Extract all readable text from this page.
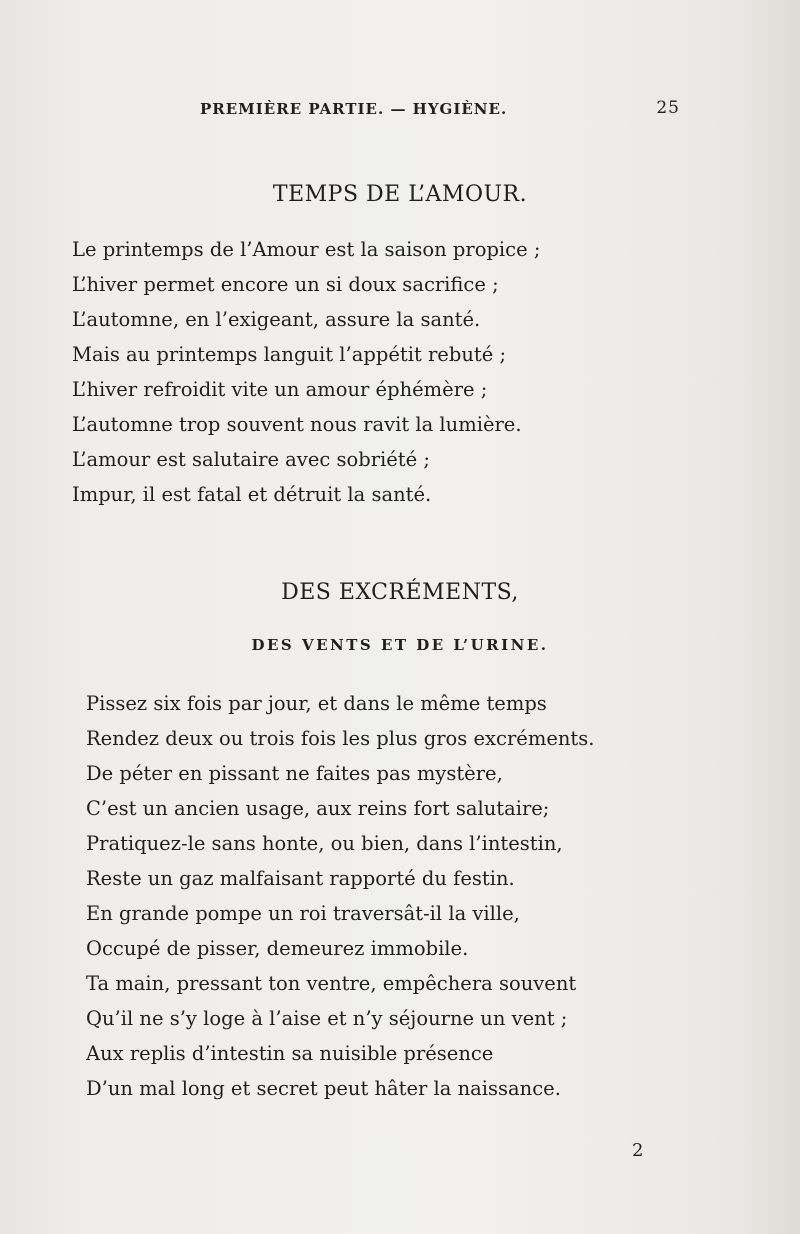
PREMIÈRE PARTIE. — HYGIÈNE.	25
TEMPS DE L’AMOUR.
Le printemps de l’Amour est la saison propice ;
L’hiver permet encore un si doux sacrifice ;
L’automne, en l’exigeant, assure la santé.
Mais au printemps languit l’appétit rebuté ;
L’hiver refroidit vite un amour éphémère ;
L’automne trop souvent nous ravit la lumière.
L’amour est salutaire avec sobriété ;
Impur, il est fatal et détruit la santé.
DES EXCRÉMENTS,
DES VENTS ET DE L’URINE.
Pissez six fois par jour, et dans le même temps
Rendez deux ou trois fois les plus gros excréments.
De péter en pissant ne faites pas mystère,
C’est un ancien usage, aux reins fort salutaire;
Pratiquez-le sans honte, ou bien, dans l’intestin,
Reste un gaz malfaisant rapporté du festin.
En grande pompe un roi traversât-il la ville,
Occupé de pisser, demeurez immobile.
Ta main, pressant ton ventre, empêchera souvent
Qu’il ne s’y loge à l’aise et n’y séjourne un vent ;
Aux replis d’intestin sa nuisible présence
D’un mal long et secret peut hâter la naissance.
2
